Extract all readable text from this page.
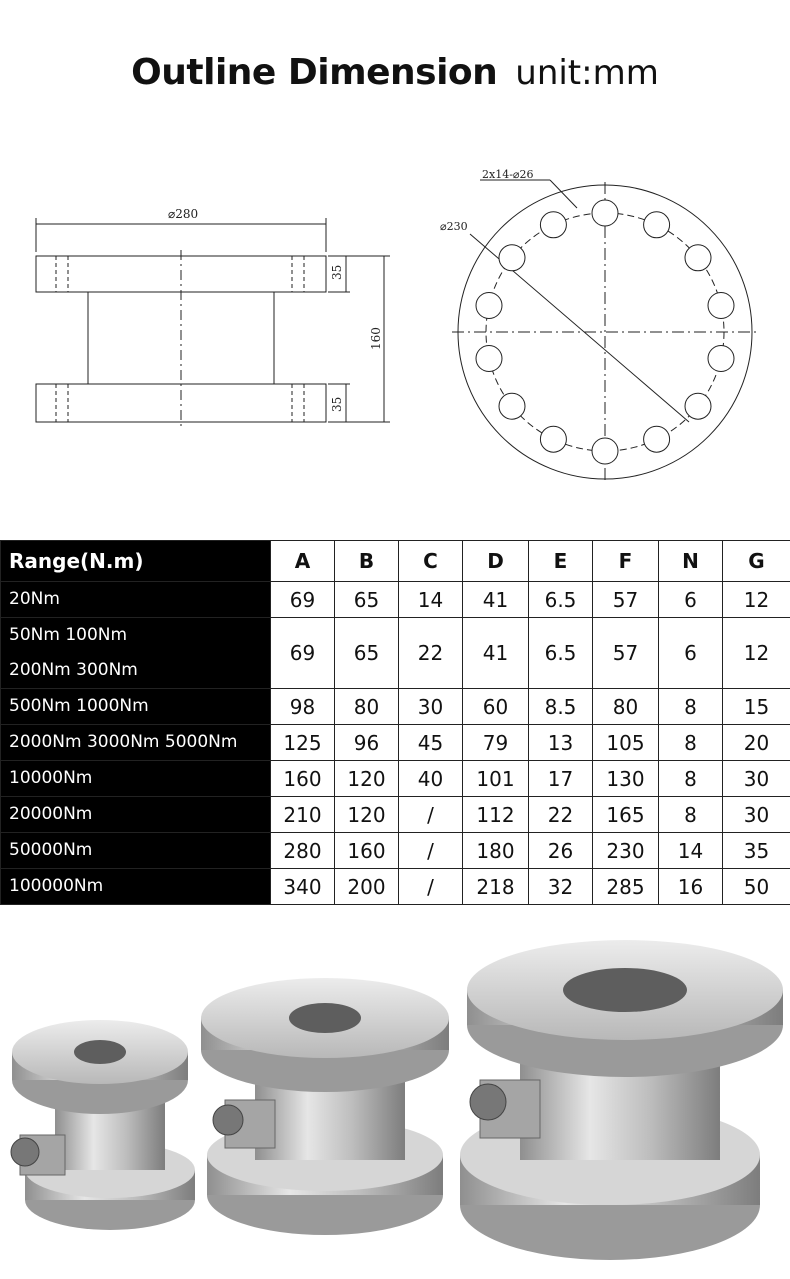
Outline Dimension unit:mm
⌀280
35
160
35
2x14-⌀26
⌀230
Range(N.m)	A	B	C	D	E	F	N	G

20Nm	69	65	14	41	6.5	57	6	12

50Nm 100Nm
200Nm 300Nm	69	65	22	41	6.5	57	6	12

500Nm 1000Nm	98	80	30	60	8.5	80	8	15

2000Nm 3000Nm 5000Nm	125	96	45	79	13	105	8	20

10000Nm	160	120	40	101	17	130	8	30

20000Nm	210	120	/	112	22	165	8	30

50000Nm	280	160	/	180	26	230	14	35

100000Nm	340	200	/	218	32	285	16	50
